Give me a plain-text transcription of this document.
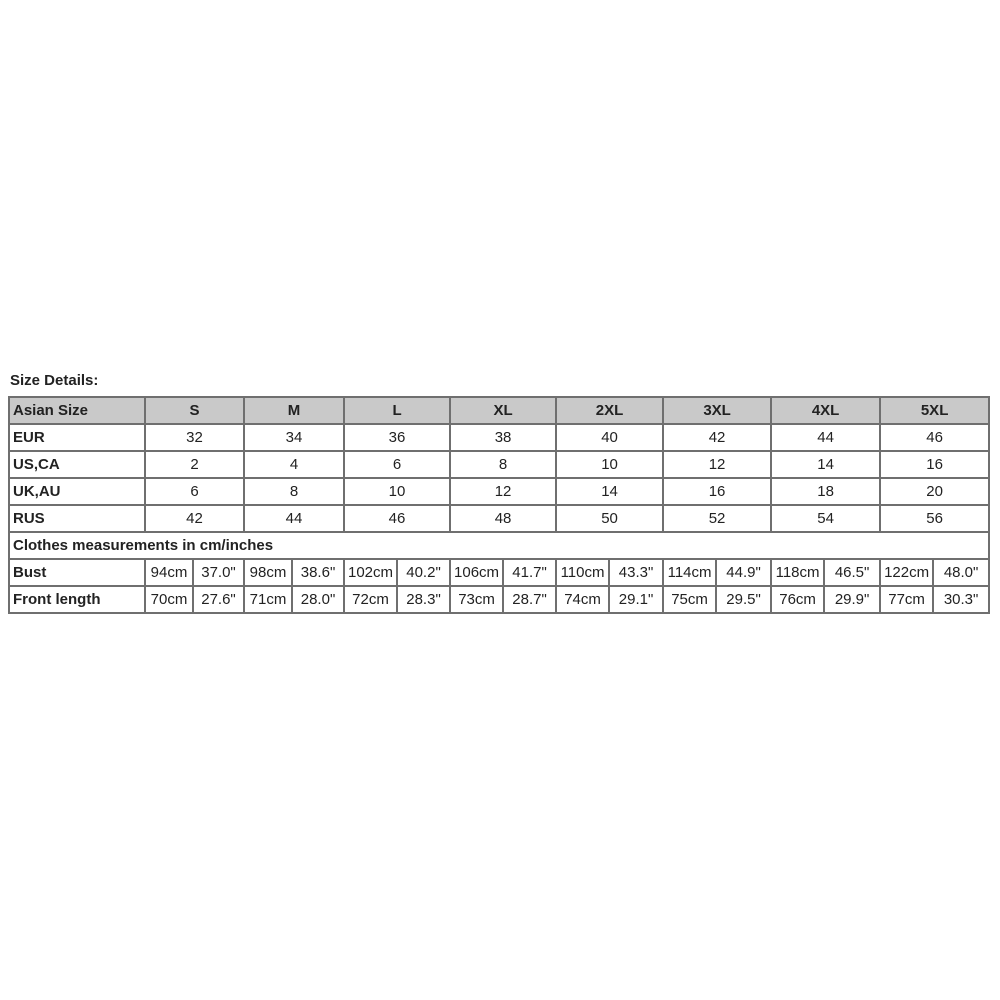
Size Details:
Asian Size	S		M		L		XL		2XL		3XL		4XL		5XL	
EUR	32		34		36		38		40		42		44		46	
US,CA	2		4		6		8		10		12		14		16	
UK,AU	6		8		10		12		14		16		18		20	
RUS	42		44		46		48		50		52		54		56	
Clothes measurements in cm/inches																
Bust	94cm	37.0"	98cm	38.6"	102cm	40.2"	106cm	41.7"	110cm	43.3"	114cm	44.9"	118cm	46.5"	122cm	48.0"
Front length	70cm	27.6"	71cm	28.0"	72cm	28.3"	73cm	28.7"	74cm	29.1"	75cm	29.5"	76cm	29.9"	77cm	30.3"
